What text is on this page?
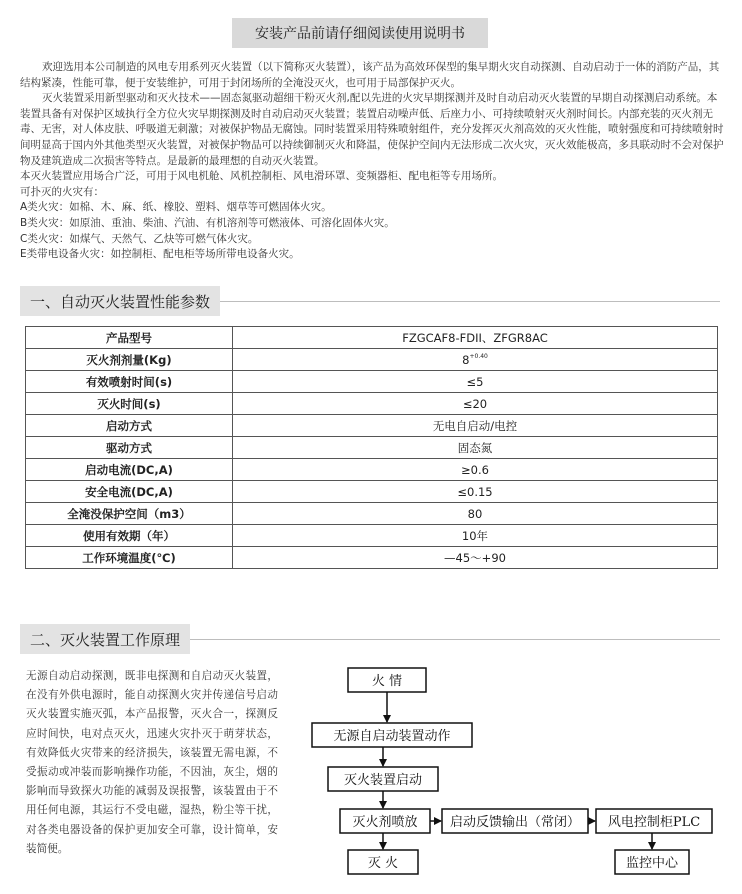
安装产品前请仔细阅读使用说明书

欢迎选用本公司制造的风电专用系列灭火装置（以下简称灭火装置），该产品为高效环保型的集早期火灾自动探测、自动启动于一体的消防产品，其结构紧凑，性能可靠，便于安装维护，可用于封闭场所的全淹没灭火，也可用于局部保护灭火。

灭火装置采用新型驱动和灭火技术——固态氮驱动超细干粉灭火剂,配以先进的火灾早期探测并及时自动启动灭火装置的早期自动探测启动系统。本装置具备有对保护区域执行全方位火灾早期探测及时自动启动灭火装置；装置启动噪声低、后座力小、可持续喷射灭火剂时间长。内部充装的灭火剂无毒、无害，对人体皮肤、呼吸道无刺激；对被保护物品无腐蚀。同时装置采用特殊喷射组件，充分发挥灭火剂高效的灭火性能，喷射强度和可持续喷射时间明显高于国内外其他类型灭火装置，对被保护物品可以持续御制灭火和降温，使保护空间内无法形成二次火灾，灭火效能极高，多具联动时不会对保护物及建筑造成二次损害等特点。是最新的最理想的自动灭火装置。

本灭火装置应用场合广泛，可用于风电机舱、风机控制柜、风电滑环罩、变频器柜、配电柜等专用场所。

可扑灭的火灾有：

A类火灾：如棉、木、麻、纸、橡胶、塑料、烟草等可燃固体火灾。

B类火灾：如原油、重油、柴油、汽油、有机溶剂等可燃液体、可溶化固体火灾。

C类火灾：如煤气、天然气、乙炔等可燃气体火灾。

E类带电设备火灾：如控制柜、配电柜等场所带电设备火灾。

一、自动灭火装置性能参数
产品型号	FZGCAF8-FDII、ZFGR8AC
灭火剂剂量(Kg)	$8^{+0.40}$
有效喷射时间(s)	≤5
灭火时间(s)	≤20
启动方式	无电自启动/电控
驱动方式	固态氮
启动电流(DC,A)	≥0.6
安全电流(DC,A)	≤0.15
全淹没保护空间（m3）	80
使用有效期（年）	10年
工作环境温度(℃)	—45～+90
二、灭火装置工作原理

无源自动启动探测，既非电探测和自启动灭火装置，在没有外供电源时，能自动探测火灾并传递信号启动灭火装置实施灭弧，本产品报警，灭火合一，探测反应时间快，电对点灭火，迅速火灾扑灭于萌芽状态，有效降低火灾带来的经济损失，该装置无需电源，不受振动或冲装而影响操作功能，不因油，灰尘，烟的影响而导致探火功能的减弱及误报警，该装置由于不用任何电源，其运行不受电磁，湿热，粉尘等干扰，对各类电器设备的保护更加安全可靠，设计简单，安装简便。

火 情
无源自启动装置动作
灭火装置启动
灭火剂喷放 启动反馈输出（常闭） 风电控制柜PLC
灭 火	监控中心
